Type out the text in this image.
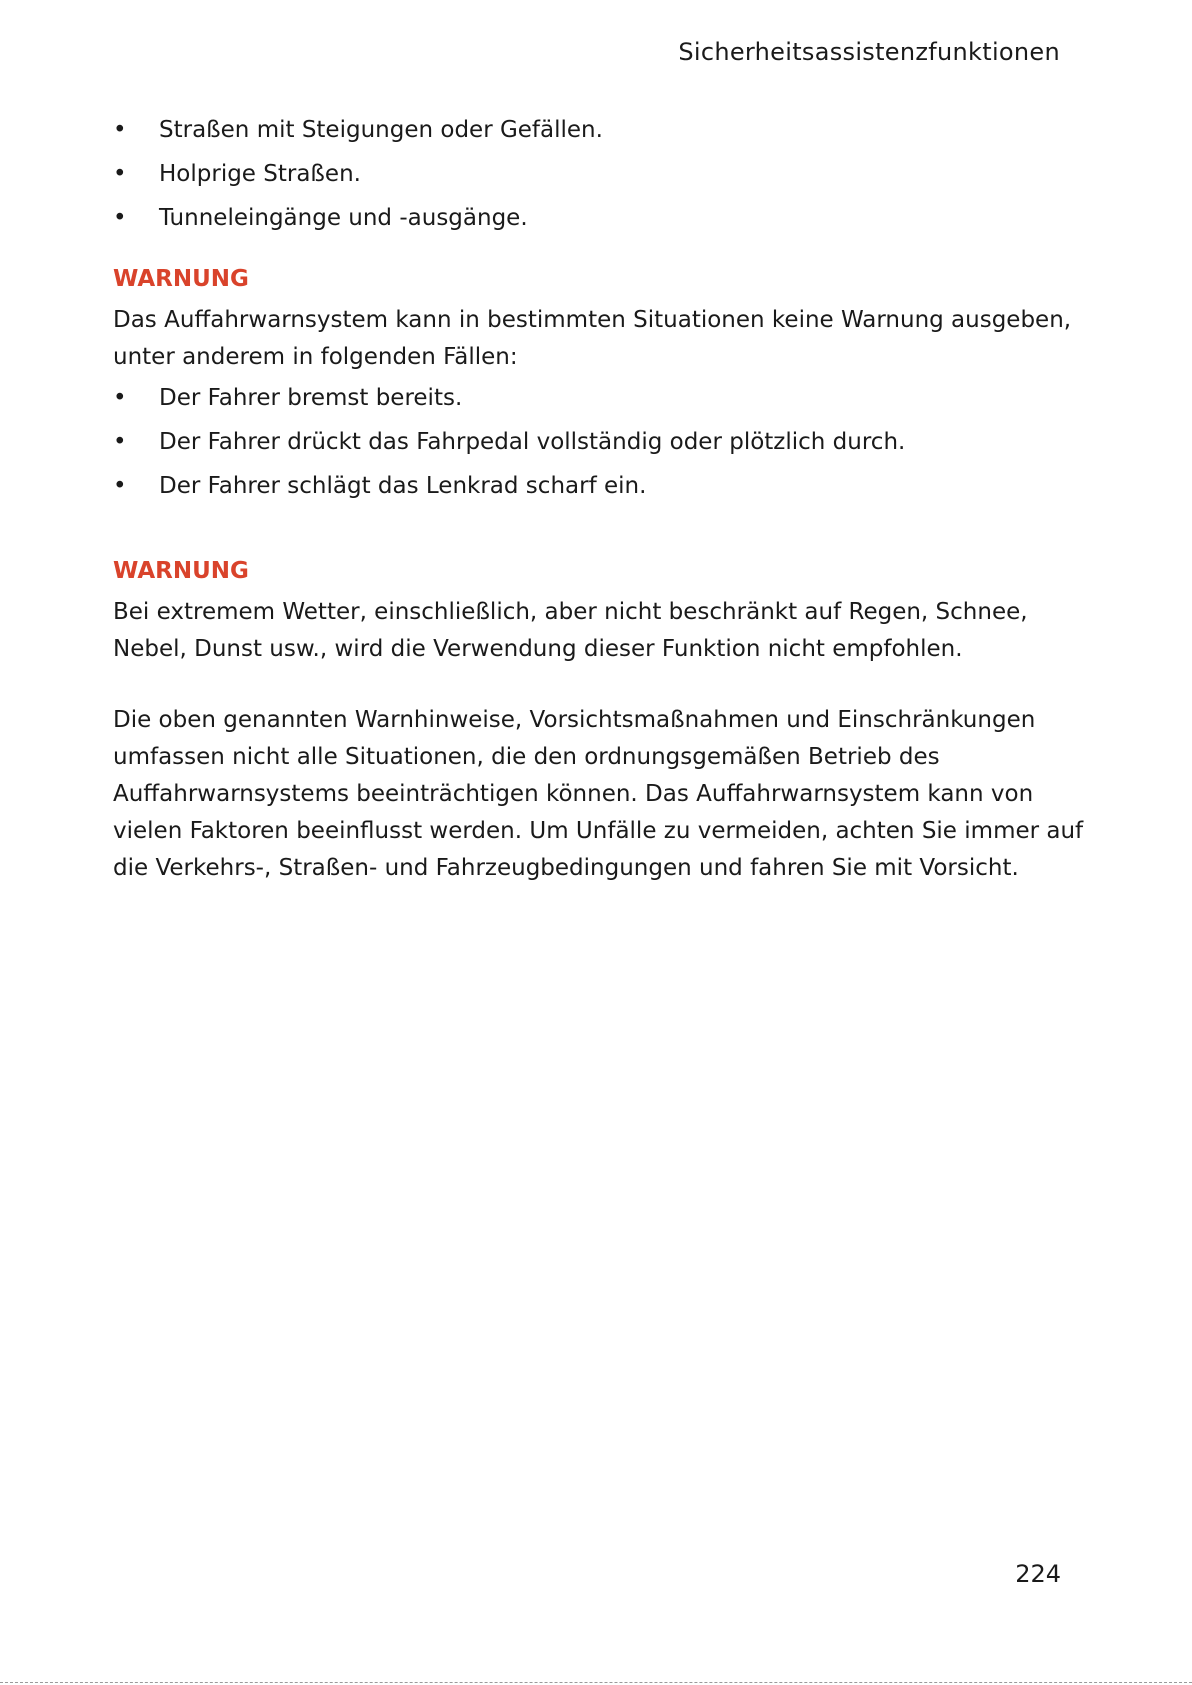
Sicherheitsassistenzfunktionen
• Straßen mit Steigungen oder Gefällen.
• Holprige Straßen.
• Tunneleingänge und -ausgänge.
WARNUNG

Das Auffahrwarnsystem kann in bestimmten Situationen keine Warnung ausgeben, unter anderem in folgenden Fällen:

• Der Fahrer bremst bereits.
• Der Fahrer drückt das Fahrpedal vollständig oder plötzlich durch.
• Der Fahrer schlägt das Lenkrad scharf ein.
WARNUNG

Bei extremem Wetter, einschließlich, aber nicht beschränkt auf Regen, Schnee, Nebel, Dunst usw., wird die Verwendung dieser Funktion nicht empfohlen.

Die oben genannten Warnhinweise, Vorsichtsmaßnahmen und Einschränkungen umfassen nicht alle Situationen, die den ordnungsgemäßen Betrieb des Auffahrwarnsystems beeinträchtigen können. Das Auffahrwarnsystem kann von vielen Faktoren beeinflusst werden. Um Unfälle zu vermeiden, achten Sie immer auf die Verkehrs-, Straßen- und Fahrzeugbedingungen und fahren Sie mit Vorsicht.

224
